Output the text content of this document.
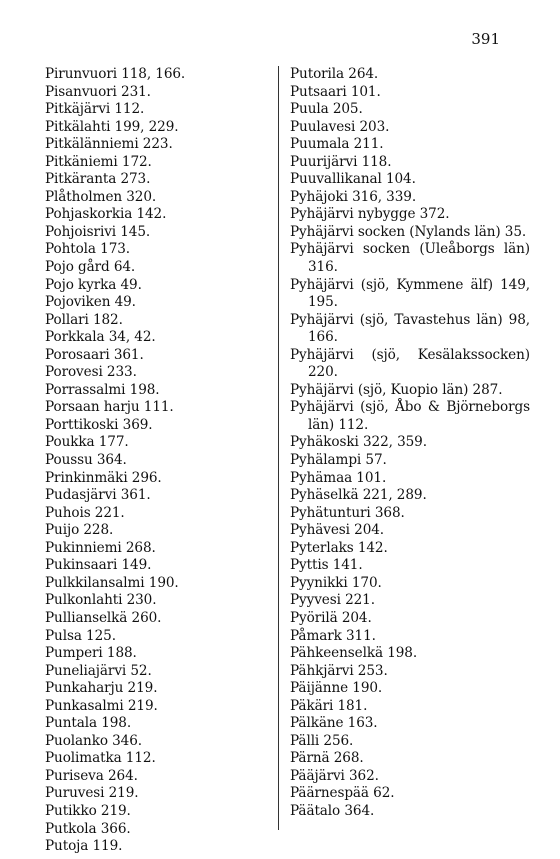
391
Pirunvuori 118, 166.
Pisanvuori 231.
Pitkäjärvi 112.
Pitkälahti 199, 229.
Pitkälänniemi 223.
Pitkäniemi 172.
Pitkäranta 273.
Plåtholmen 320.
Pohjaskorkia 142.
Pohjoisrivi 145.
Pohtola 173.
Pojo gård 64.
Pojo kyrka 49.
Pojoviken 49.
Pollari 182.
Porkkala 34, 42.
Porosaari 361.
Porovesi 233.
Porrassalmi 198.
Porsaan harju 111.
Porttikoski 369.
Poukka 177.
Poussu 364.
Prinkinmäki 296.
Pudasjärvi 361.
Puhois 221.
Puijo 228.
Pukinniemi 268.
Pukinsaari 149.
Pulkkilansalmi 190.
Pulkonlahti 230.
Pullianselkä 260.
Pulsa 125.
Pumperi 188.
Puneliajärvi 52.
Punkaharju 219.
Punkasalmi 219.
Puntala 198.
Puolanko 346.
Puolimatka 112.
Puriseva 264.
Puruvesi 219.
Putikko 219.
Putkola 366.
Putoja 119.
Putorila 264.
Putsaari 101.
Puula 205.
Puulavesi 203.
Puumala 211.
Puurijärvi 118.
Puuvallikanal 104.
Pyhäjoki 316, 339.
Pyhäjärvi nybygge 372.
Pyhäjärvi socken (Nylands län) 35.
Pyhäjärvi socken (Uleåborgs län) 316.
Pyhäjärvi (sjö, Kymmene älf) 149, 195.
Pyhäjärvi (sjö, Tavastehus län) 98, 166.
Pyhäjärvi (sjö, Kesälakssocken) 220.
Pyhäjärvi (sjö, Kuopio län) 287.
Pyhäjärvi (sjö, Åbo & Björneborgs län) 112.
Pyhäkoski 322, 359.
Pyhälampi 57.
Pyhämaa 101.
Pyhäselkä 221, 289.
Pyhätunturi 368.
Pyhävesi 204.
Pyterlaks 142.
Pyttis 141.
Pyynikki 170.
Pyyvesi 221.
Pyörilä 204.
Påmark 311.
Pähkeenselkä 198.
Pähkjärvi 253.
Päijänne 190.
Päkäri 181.
Pälkäne 163.
Pälli 256.
Pärnä 268.
Pääjärvi 362.
Päärnespää 62.
Päätalo 364.
